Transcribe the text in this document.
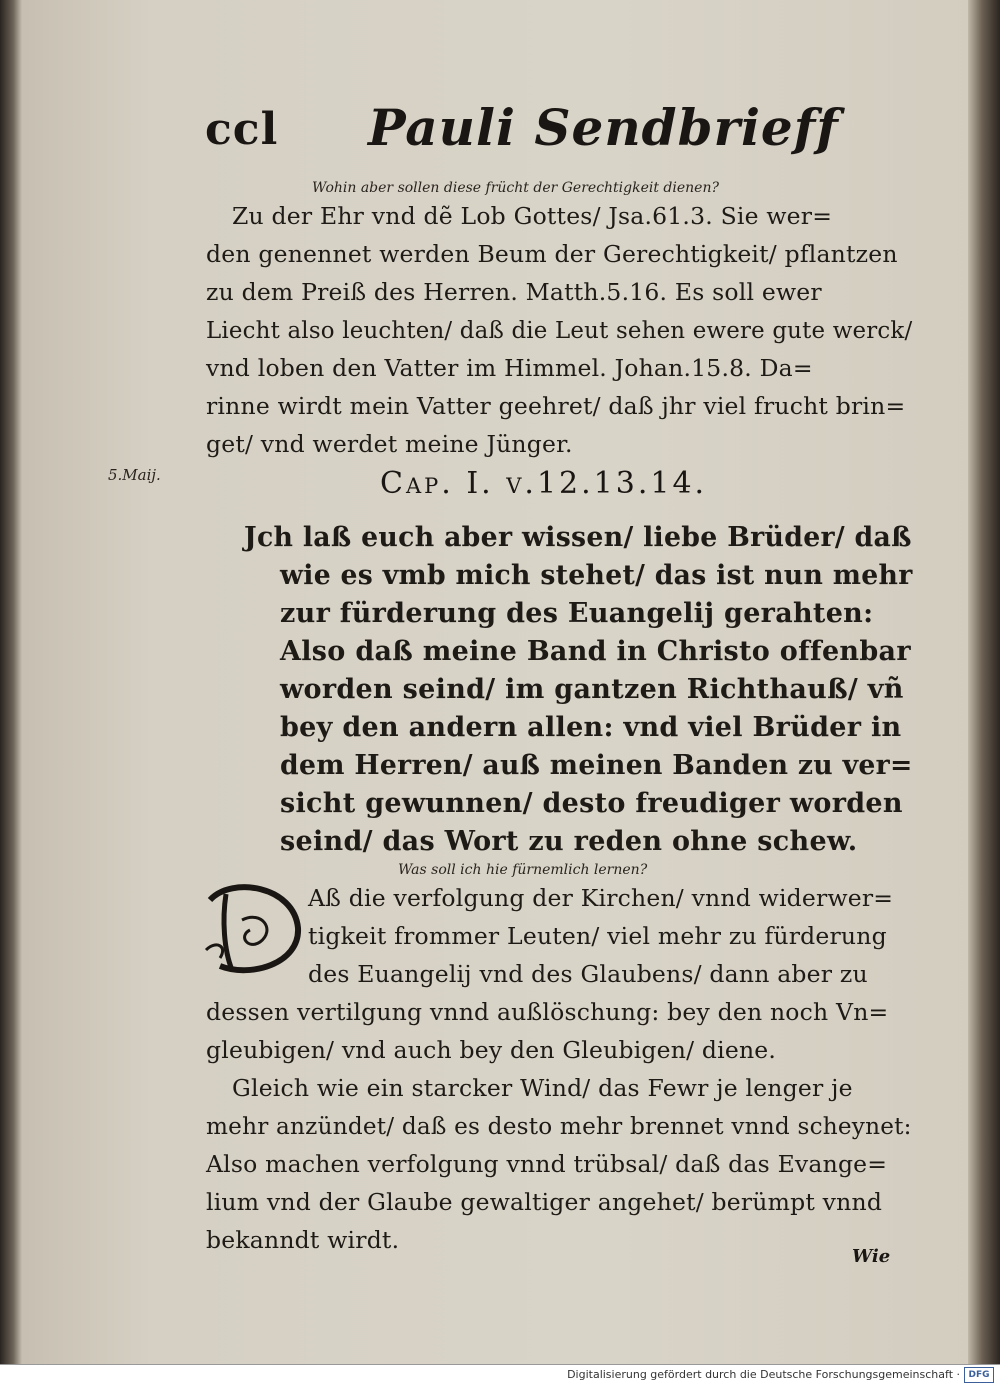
ccl Pauli Sendbrieff
Wohin aber sollen diese frücht der Gerechtigkeit dienen?
Zu der Ehr vnd dẽ Lob Gottes/ Jsa.61.3. Sie wer=
den genennet werden Beum der Gerechtigkeit/ pflantzen
zu dem Preiß des Herren. Matth.5.16. Es soll ewer
Liecht also leuchten/ daß die Leut sehen ewere gute werck/
vnd loben den Vatter im Himmel. Johan.15.8. Da=
rinne wirdt mein Vatter geehret/ daß jhr viel frucht brin=
get/ vnd werdet meine Jünger.
5.Maij.	Cap. I. v.12.13.14.
Jch laß euch aber wissen/ liebe Brüder/ daß
wie es vmb mich stehet/ das ist nun mehr
zur fürderung des Euangelij gerahten:
Also daß meine Band in Christo offenbar
worden seind/ im gantzen Richthauß/ vñ
bey den andern allen: vnd viel Brüder in
dem Herren/ auß meinen Banden zu ver=
sicht gewunnen/ desto freudiger worden
seind/ das Wort zu reden ohne schew.
Was soll ich hie fürnemlich lernen?
Aß die verfolgung der Kirchen/ vnnd widerwer=
tigkeit frommer Leuten/ viel mehr zu fürderung
des Euangelij vnd des Glaubens/ dann aber zu
dessen vertilgung vnnd außlöschung: bey den noch Vn=
gleubigen/ vnd auch bey den Gleubigen/ diene.
Gleich wie ein starcker Wind/ das Fewr je lenger je
mehr anzündet/ daß es desto mehr brennet vnnd scheynet:
Also machen verfolgung vnnd trübsal/ daß das Evange=
lium vnd der Glaube gewaltiger angehet/ berümpt vnnd
bekanndt wirdt.
Wie
Digitalisierung gefördert durch die Deutsche Forschungsgemeinschaft · DFG
